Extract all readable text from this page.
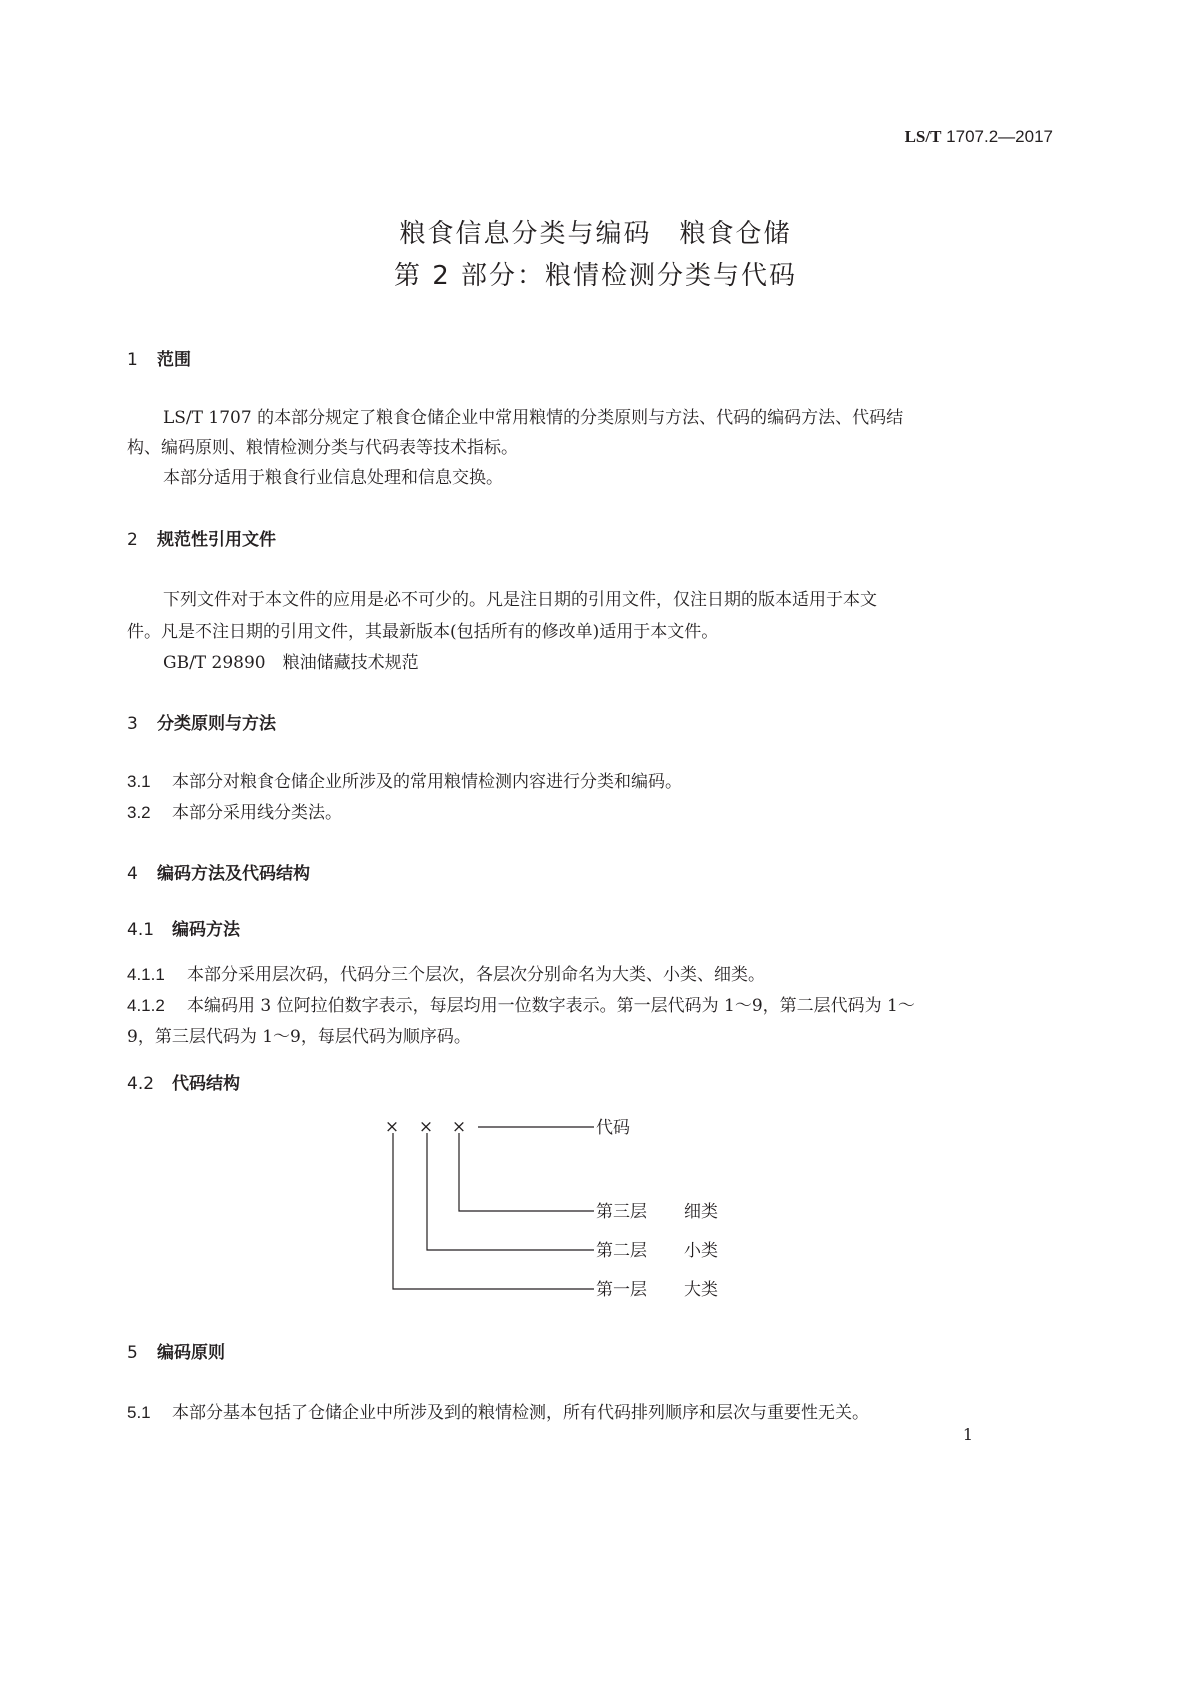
LS/T 1707.2—2017
粮食信息分类与编码　粮食仓储
第 2 部分：粮情检测分类与代码
1 范围
LS/T 1707 的本部分规定了粮食仓储企业中常用粮情的分类原则与方法、代码的编码方法、代码结
构、编码原则、粮情检测分类与代码表等技术指标。
本部分适用于粮食行业信息处理和信息交换。
2 规范性引用文件
下列文件对于本文件的应用是必不可少的。凡是注日期的引用文件，仅注日期的版本适用于本文
件。凡是不注日期的引用文件，其最新版本(包括所有的修改单)适用于本文件。
GB/T 29890　粮油储藏技术规范
3 分类原则与方法
3.1 本部分对粮食仓储企业所涉及的常用粮情检测内容进行分类和编码。
3.2 本部分采用线分类法。
4 编码方法及代码结构
4.1 编码方法
4.1.1 本部分采用层次码，代码分三个层次，各层次分别命名为大类、小类、细类。
4.1.2 本编码用 3 位阿拉伯数字表示，每层均用一位数字表示。第一层代码为 1～9，第二层代码为 1～
9，第三层代码为 1～9，每层代码为顺序码。
4.2 代码结构
× × ×	代码
第三层 细类
第二层 小类
第一层 大类
5 编码原则
5.1 本部分基本包括了仓储企业中所涉及到的粮情检测，所有代码排列顺序和层次与重要性无关。
1
